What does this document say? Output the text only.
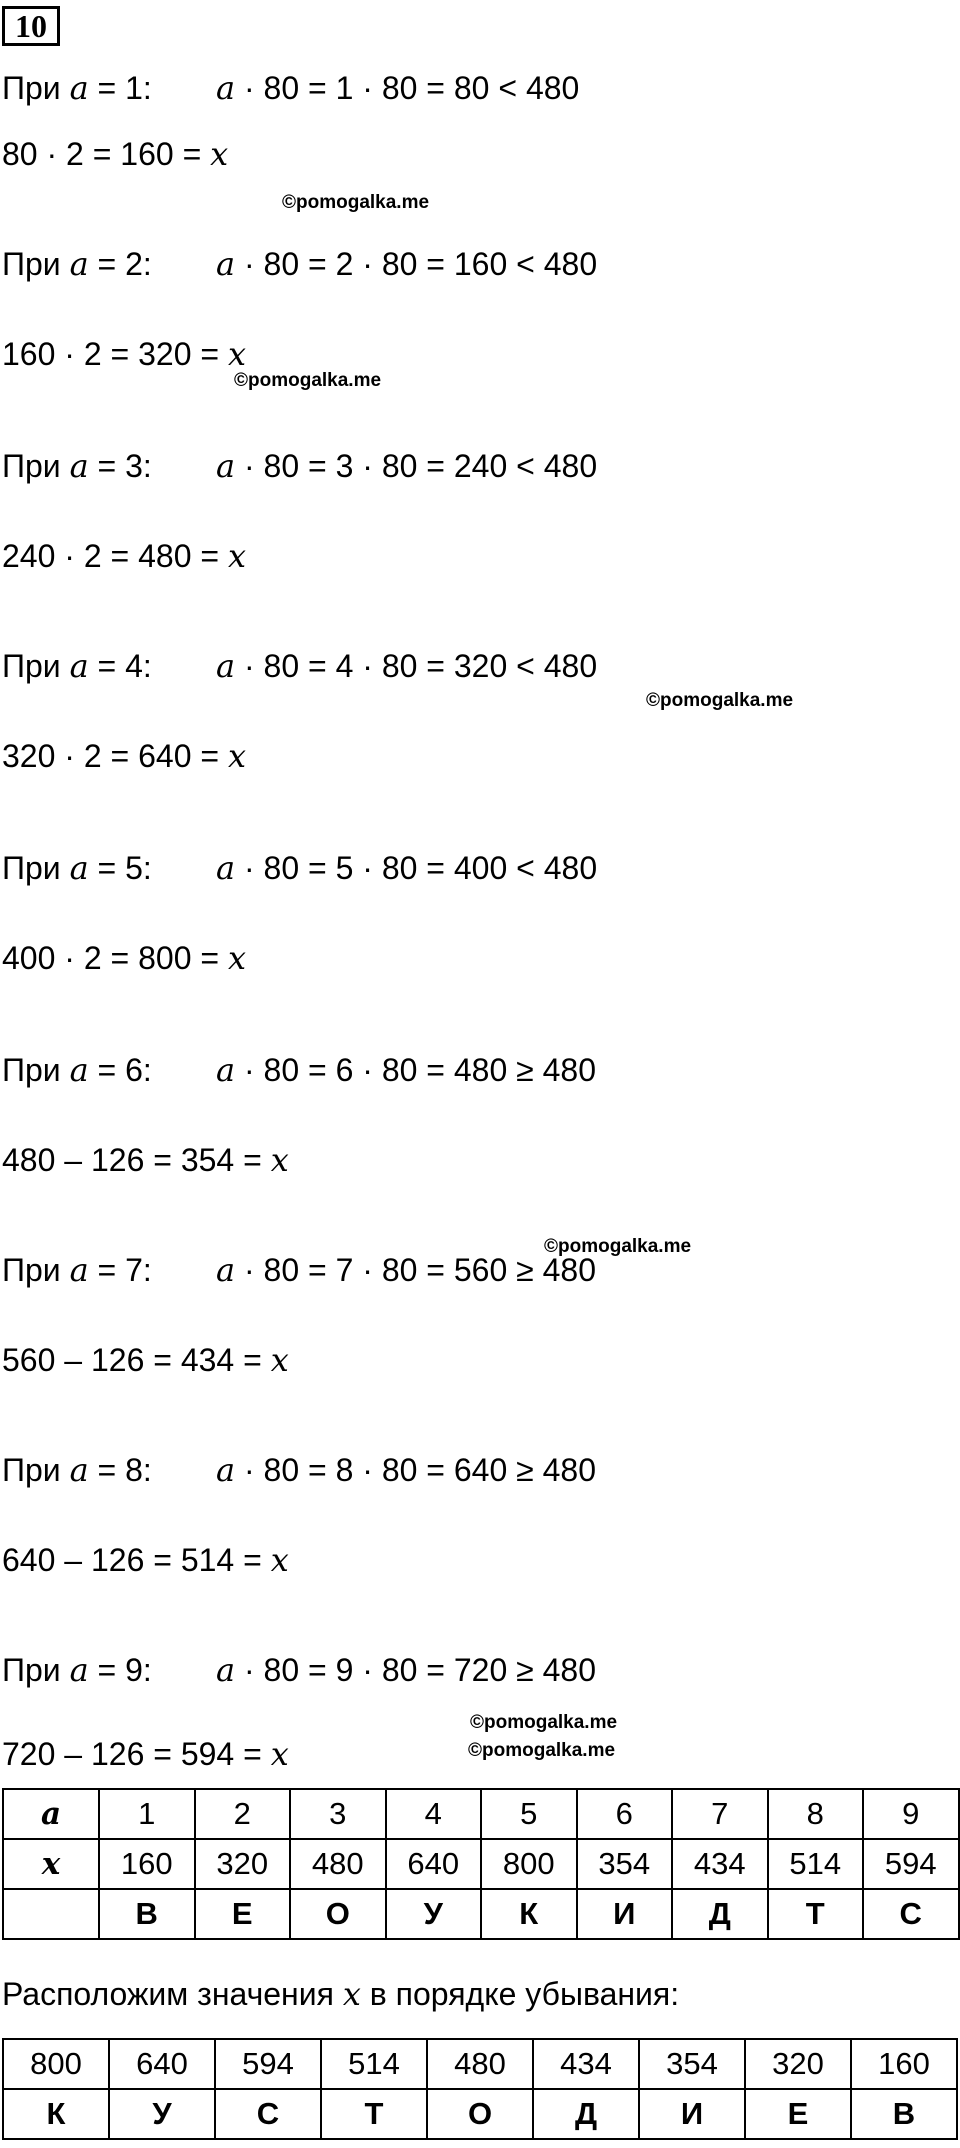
10
При 𝑎 = 1: 𝑎 · 80 = 1 · 80 = 80 < 480
80 · 2 = 160 = 𝑥
При 𝑎 = 2: 𝑎 · 80 = 2 · 80 = 160 < 480
160 · 2 = 320 = 𝑥
При 𝑎 = 3: 𝑎 · 80 = 3 · 80 = 240 < 480
240 · 2 = 480 = 𝑥
При 𝑎 = 4: 𝑎 · 80 = 4 · 80 = 320 < 480
320 · 2 = 640 = 𝑥
При 𝑎 = 5: 𝑎 · 80 = 5 · 80 = 400 < 480
400 · 2 = 800 = 𝑥
При 𝑎 = 6: 𝑎 · 80 = 6 · 80 = 480 ≥ 480
480 – 126 = 354 = 𝑥
При 𝑎 = 7: 𝑎 · 80 = 7 · 80 = 560 ≥ 480
560 – 126 = 434 = 𝑥
При 𝑎 = 8: 𝑎 · 80 = 8 · 80 = 640 ≥ 480
640 – 126 = 514 = 𝑥
При 𝑎 = 9: 𝑎 · 80 = 9 · 80 = 720 ≥ 480
720 – 126 = 594 = 𝑥
©pomogalka.me
©pomogalka.me
©pomogalka.me
©pomogalka.me
©pomogalka.me
©pomogalka.me
𝒂	1	2	3	4	5	6	7	8	9
𝒙	160	320	480	640	800	354	434	514	594
	В	Е	О	У	К	И	Д	Т	С
Расположим значения 𝑥 в порядке убывания:
800	640	594	514	480	434	354	320	160
К	У	С	Т	О	Д	И	Е	В
